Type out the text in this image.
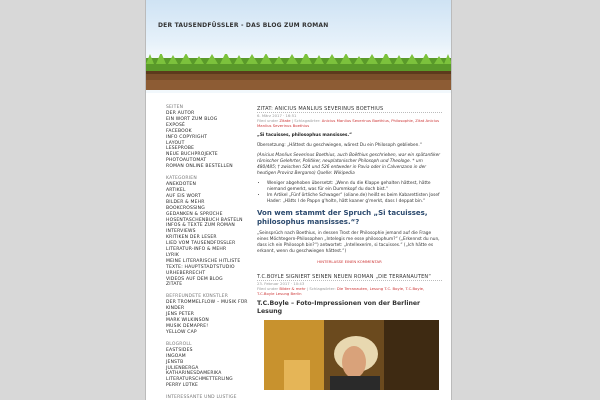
DER TAUSENDFÜSSLER - DAS BLOG ZUM ROMAN
SEITEN
DER AUTOR
EIN WORT ZUM BLOG
EXPOSÉ
FACEBOOK
INFO COPYRIGHT
LAYOUT
LESEPROBE
NEUE BUCHPROJEKTE
PHOTOAUTOMAT
ROMAN ONLINE BESTELLEN
KATEGORIEN
ANEKDOTEN
ARTIKEL
AUF EIS WORT
BILDER & MEHR
BOOKCROSSING
GEDANKEN & SPRÜCHE
HOSENTASCHENBUCH BASTELN
INFOS & TEXTE ZUM ROMAN
INTERVIEWS
KRITIKEN DER LESER
LIED VOM TAUSENDFÜSSLER
LITERATUR-INFO & MEHR
LYRIK
MEINE LITERARISCHE HITLISTE
TEXTE: HAUPTSTADTSTUDIO
URHEBERRECHT
VIDEOS AUF DEM BLOG
ZITATE
BEFREUNDETE KÜNSTLER
DER TROMMELFLOW – MUSIK FÜR KINDER
JENS PETER
MARK WILKINSON
MUSIK DEMAPRE!
YELLOW CAP
BLOGROLL
EASTSIDES
INGOAM
JENSTB
JULIENBERGA
KATHARINESDAMERIKA
LITERATURSCHMETTERLING
PERRY LÜTKE
INTERESSANTE UND LUSTIGE
ZITAT: ANICIUS MANLIUS SEVERINUS BOETHIUS
6. März 2017 · 16:51
Filed under Zitate | Schlagwörter: Anicius Manlius Severinus Boethius, Philosophie, Zitat Anicius Manlius Severinus Boethius

„Si tacuisses, philosophus mansisses.“

Übersetzung: „Hättest du geschwiegen, wärest Du ein Philosoph geblieben.“

(Anicius Manlius Severinus Boethius, auch Boëthius geschrieben, war ein spätantiker römischer Gelehrter, Politiker, neuplatonischer Philosoph und Theologe. * um 480/485; † zwischen 524 und 526 entweder in Pavia oder in Calvenzano in der heutigen Provinz Bergamo) Quelle: Wikipedia

• Weniger abgehoben übersetzt: „Wenn du die Klappe gehalten hättest, hätte niemand gemerkt, was für ein Dummkopf du doch bist.“
• Im Artikel „Fünf örtliche Schwager“ (oliane.de) heißt es beim Kabarettisten Josef Hader: „Hätts I de Pappn g'holtn, hätt koaner g'merkt, dass I deppat bin.“
Von wem stammt der Spruch „Si tacuisses, philosophus mansisses.“?

„Seinsprüch nach Boethius, in dessen Trost der Philosophie jemand auf die Frage eines Möchtegern-Philosophen „Intelegis me esse philosophum?“ („Erkennst du nun, dass ich ein Philosoph bin?“) antwortet: „Intellexerim, si tacuisses.“ („Ich hätte es erkannt, wenn du geschwiegen hättest.“)

HINTERLASSE EINEN KOMMENTAR
T.C.BOYLE SIGNIERT SEINEN NEUEN ROMAN „DIE TERRANAUTEN“
23. Februar 2017 · 10:43
Filed under Bilder & mehr | Schlagwörter: Die Terranauten, Lesung T.C. Boyle, T.C.Boyle, T.C.Boyle Lesung Berlin
T.C.Boyle – Foto-Impressionen von der Berliner Lesung
